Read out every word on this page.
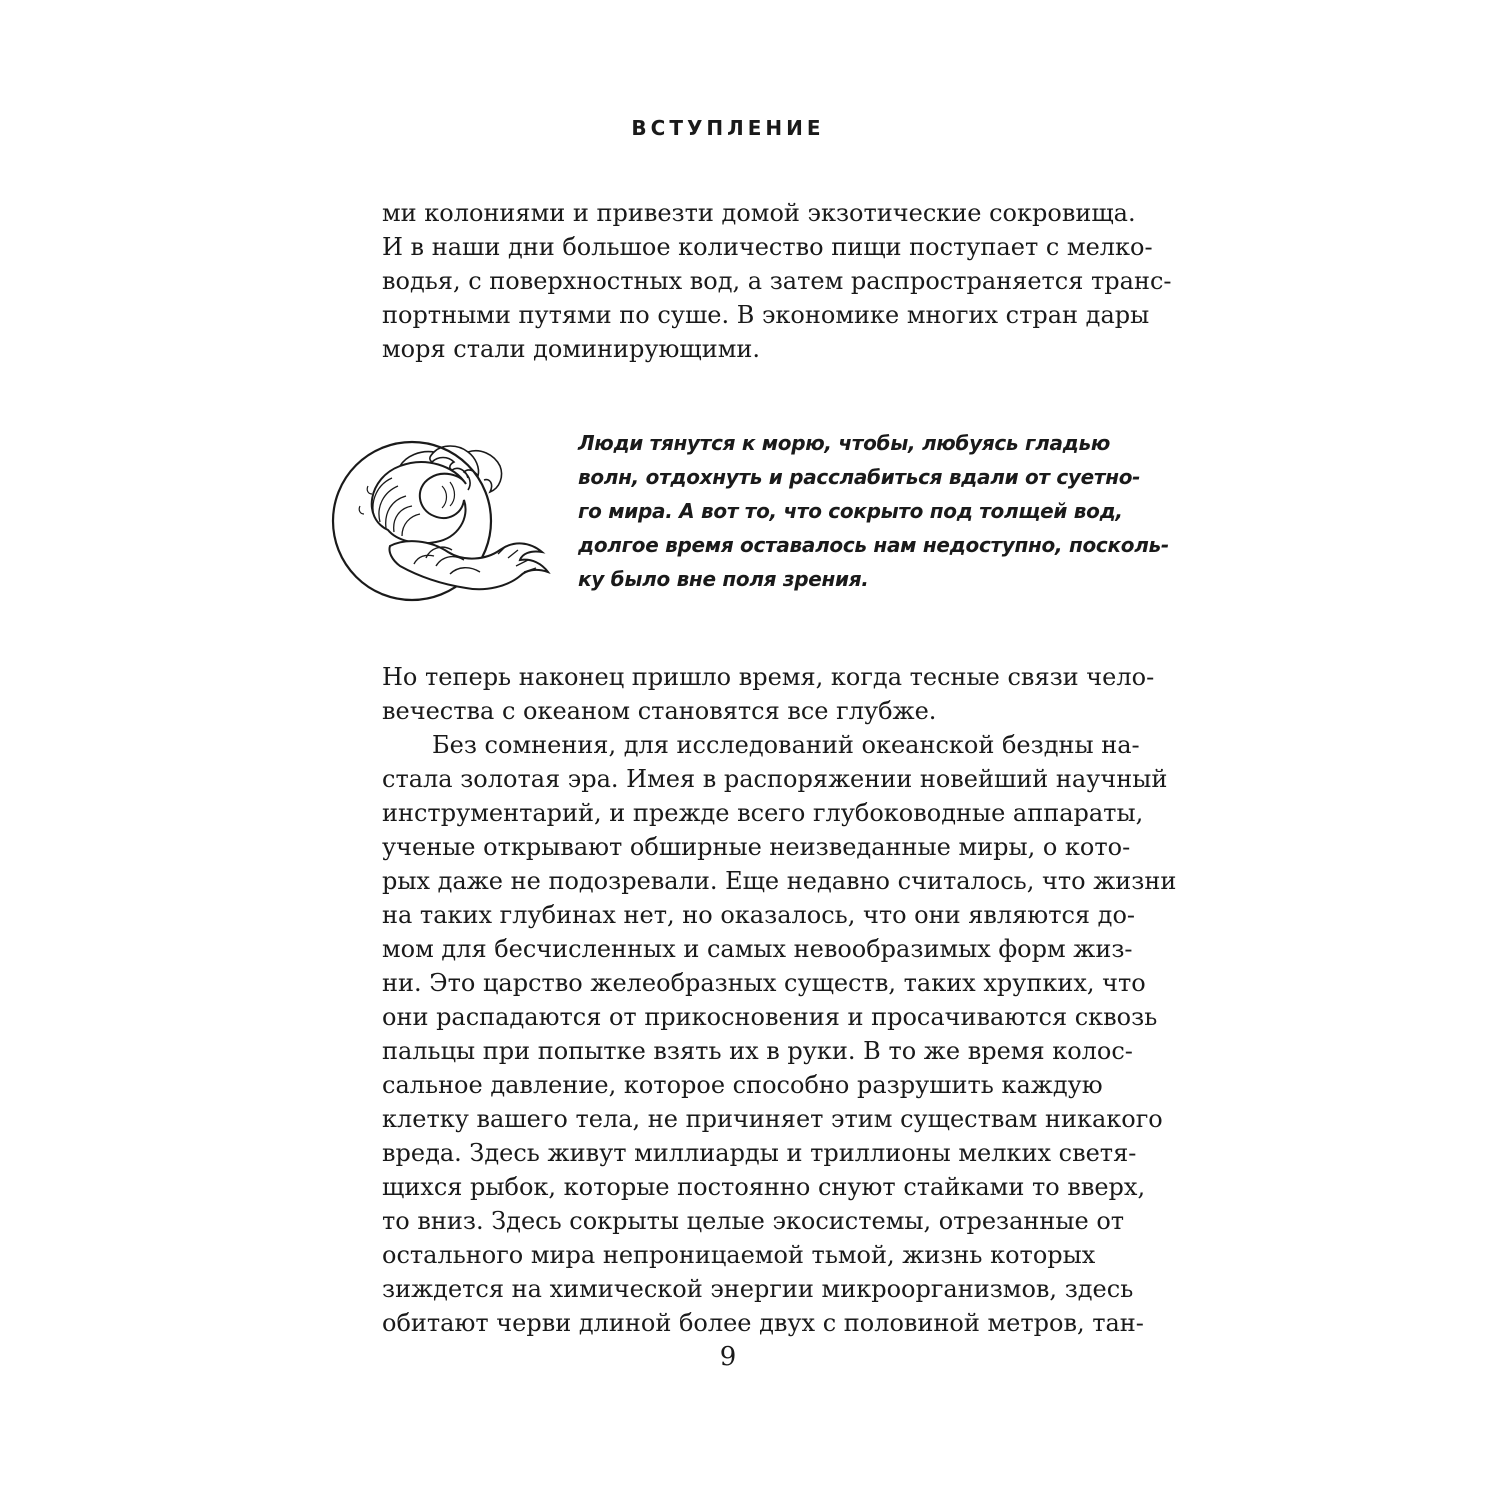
ВСТУПЛЕНИЕ
ми колониями и привезти домой экзотические сокровища.
И в наши дни большое количество пищи поступает с мелко-
водья, с поверхностных вод, а затем распространяется транс-
портными путями по суше. В экономике многих стран дары
моря стали доминирующими.
Люди тянутся к морю, чтобы, любуясь гладью
волн, отдохнуть и расслабиться вдали от суетно-
го мира. А вот то, что сокрыто под толщей вод,
долгое время оставалось нам недоступно, посколь-
ку было вне поля зрения.
Но теперь наконец пришло время, когда тесные связи чело-
вечества с океаном становятся все глубже.
Без сомнения, для исследований океанской бездны на-
стала золотая эра. Имея в распоряжении новейший научный
инструментарий, и прежде всего глубоководные аппараты,
ученые открывают обширные неизведанные миры, о кото-
рых даже не подозревали. Еще недавно считалось, что жизни
на таких глубинах нет, но оказалось, что они являются до-
мом для бесчисленных и самых невообразимых форм жиз-
ни. Это царство желеобразных существ, таких хрупких, что
они распадаются от прикосновения и просачиваются сквозь
пальцы при попытке взять их в руки. В то же время колос-
сальное давление, которое способно разрушить каждую
клетку вашего тела, не причиняет этим существам никакого
вреда. Здесь живут миллиарды и триллионы мелких светя-
щихся рыбок, которые постоянно снуют стайками то вверх,
то вниз. Здесь сокрыты целые экосистемы, отрезанные от
остального мира непроницаемой тьмой, жизнь которых
зиждется на химической энергии микроорганизмов, здесь
обитают черви длиной более двух с половиной метров, тан-
9
